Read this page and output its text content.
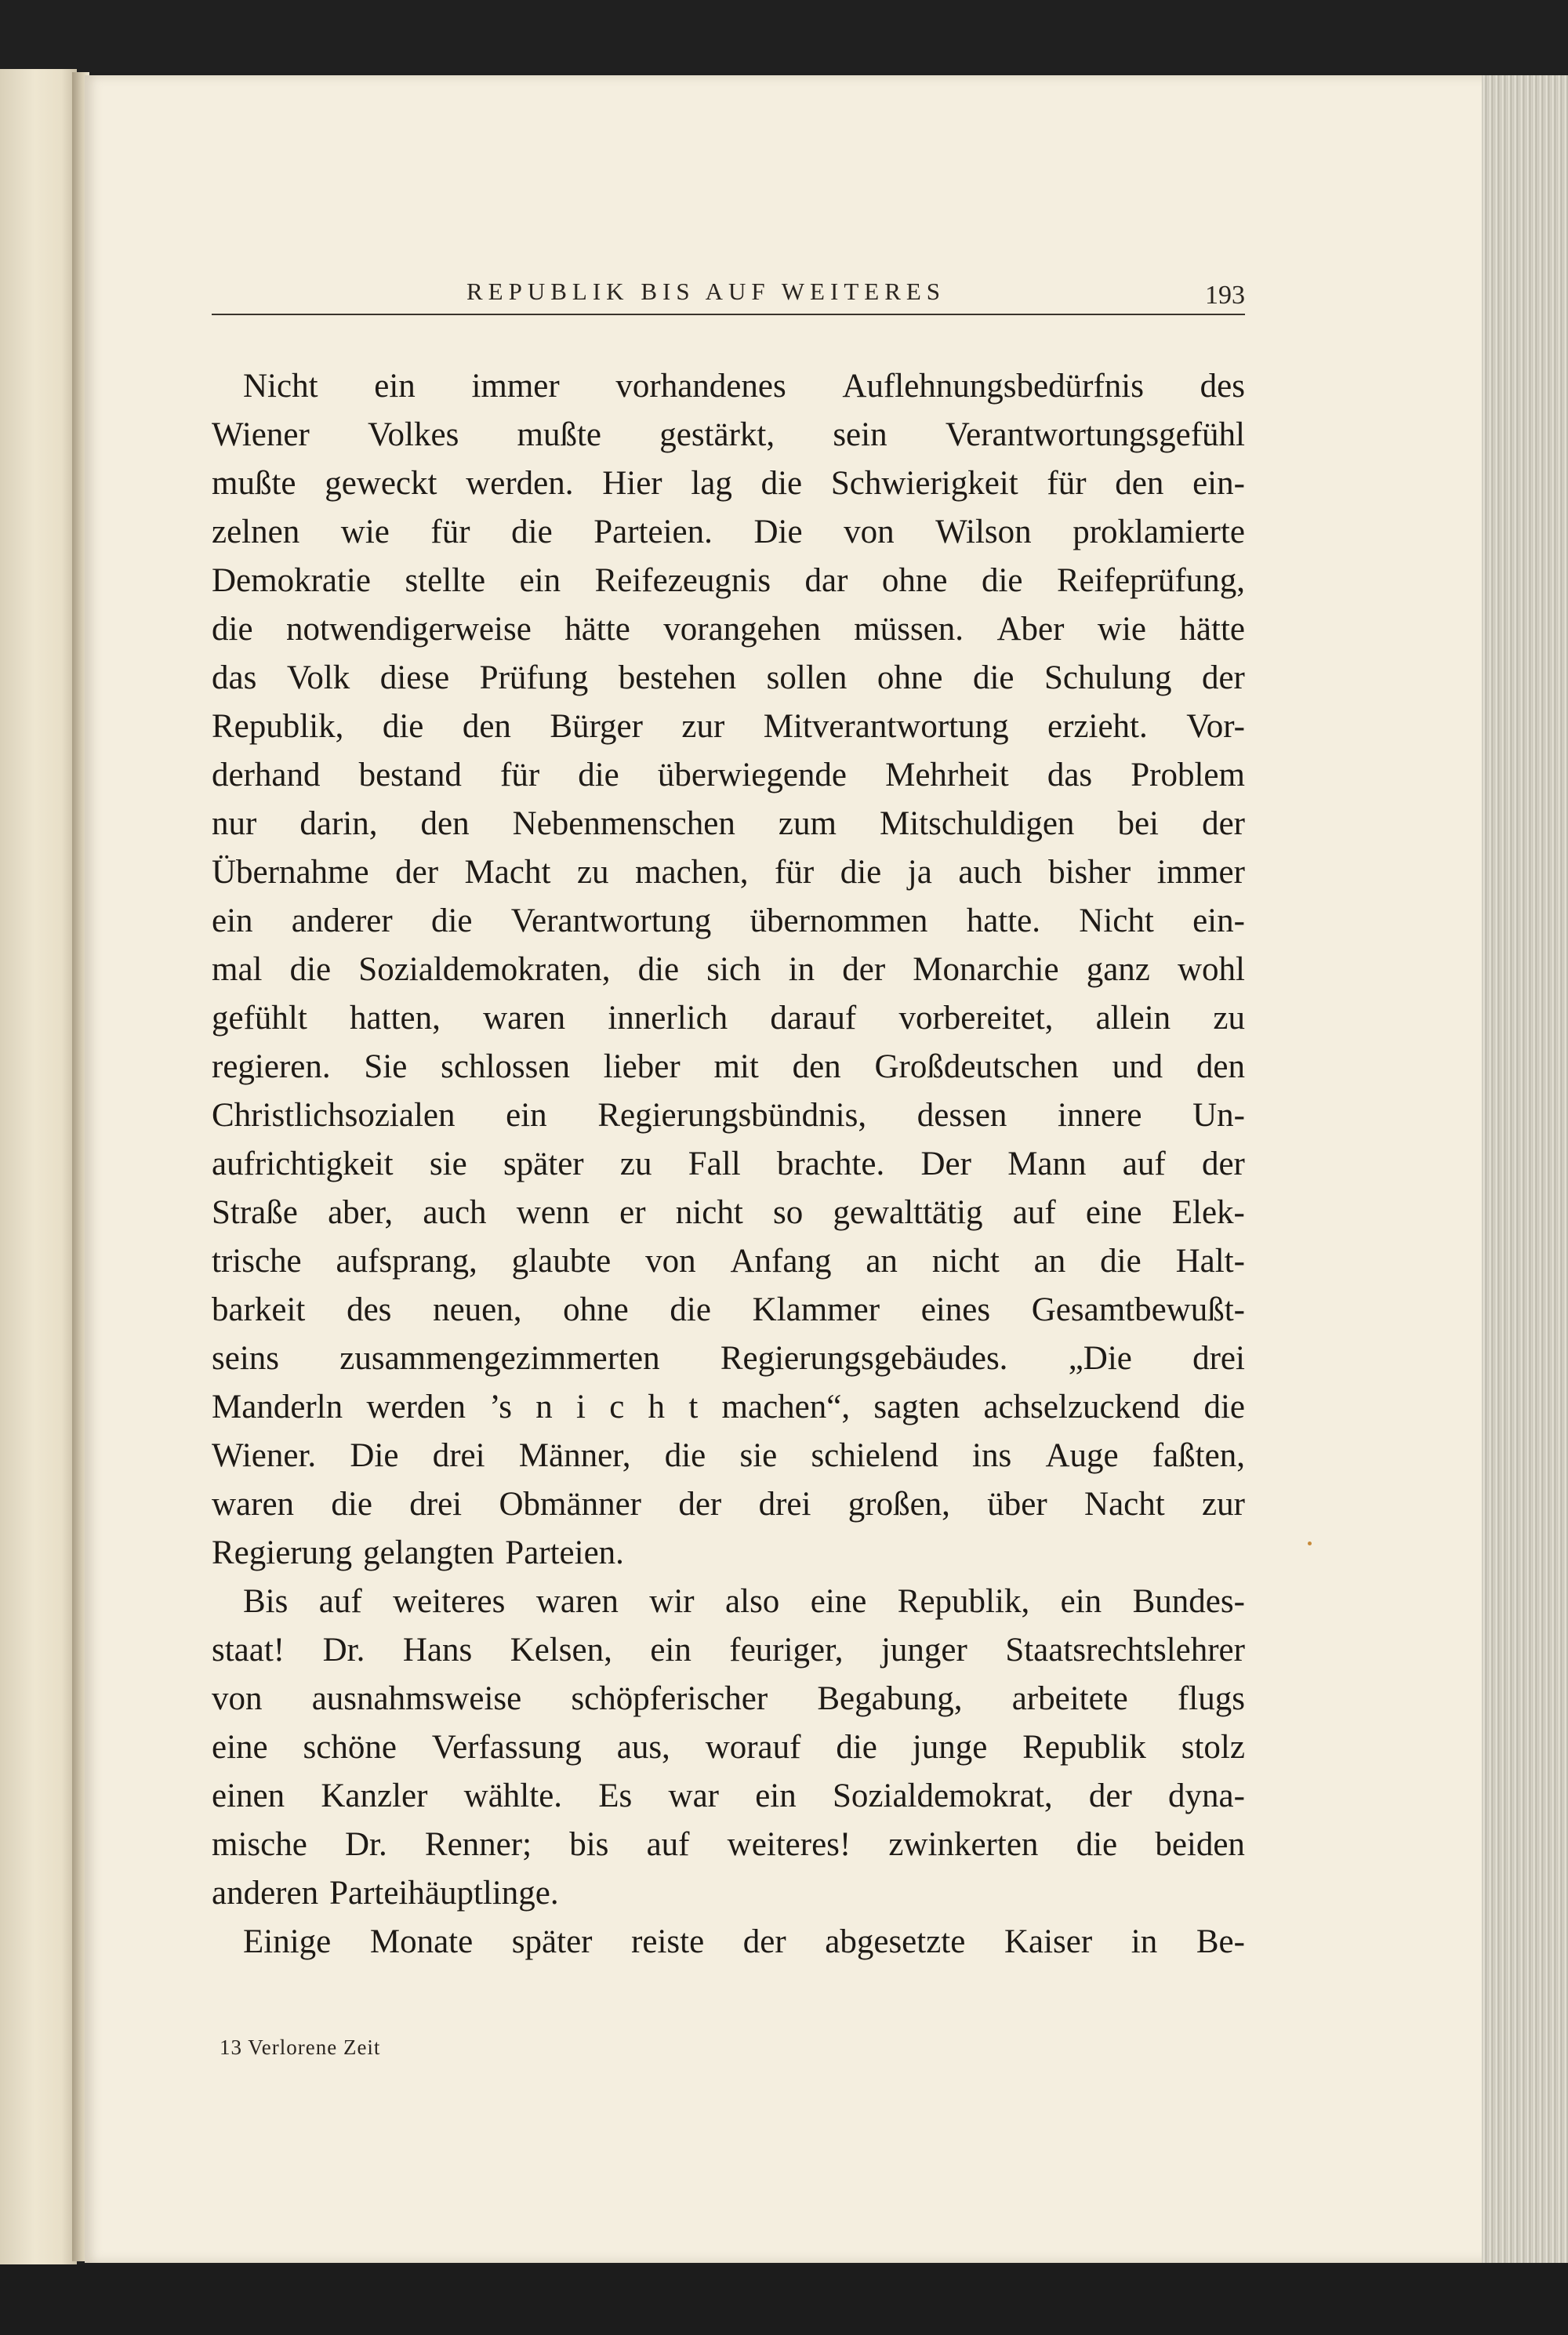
REPUBLIK BIS AUF WEITERES	193
Nicht ein immer vorhandenes Auflehnungsbedürfnis des
Wiener Volkes mußte gestärkt, sein Verantwortungsgefühl
mußte geweckt werden. Hier lag die Schwierigkeit für den ein-
zelnen wie für die Parteien. Die von Wilson proklamierte
Demokratie stellte ein Reifezeugnis dar ohne die Reifeprüfung,
die notwendigerweise hätte vorangehen müssen. Aber wie hätte
das Volk diese Prüfung bestehen sollen ohne die Schulung der
Republik, die den Bürger zur Mitverantwortung erzieht. Vor-
derhand bestand für die überwiegende Mehrheit das Problem
nur darin, den Nebenmenschen zum Mitschuldigen bei der
Übernahme der Macht zu machen, für die ja auch bisher immer
ein anderer die Verantwortung übernommen hatte. Nicht ein-
mal die Sozialdemokraten, die sich in der Monarchie ganz wohl
gefühlt hatten, waren innerlich darauf vorbereitet, allein zu
regieren. Sie schlossen lieber mit den Großdeutschen und den
Christlichsozialen ein Regierungsbündnis, dessen innere Un-
aufrichtigkeit sie später zu Fall brachte. Der Mann auf der
Straße aber, auch wenn er nicht so gewalttätig auf eine Elek-
trische aufsprang, glaubte von Anfang an nicht an die Halt-
barkeit des neuen, ohne die Klammer eines Gesamtbewußt-
seins zusammengezimmerten Regierungsgebäudes. „Die drei
Manderln werden ’s n i c h t machen“, sagten achselzuckend die
Wiener. Die drei Männer, die sie schielend ins Auge faßten,
waren die drei Obmänner der drei großen, über Nacht zur
Regierung gelangten Parteien.
Bis auf weiteres waren wir also eine Republik, ein Bundes-
staat! Dr. Hans Kelsen, ein feuriger, junger Staatsrechtslehrer
von ausnahmsweise schöpferischer Begabung, arbeitete flugs
eine schöne Verfassung aus, worauf die junge Republik stolz
einen Kanzler wählte. Es war ein Sozialdemokrat, der dyna-
mische Dr. Renner; bis auf weiteres! zwinkerten die beiden
anderen Parteihäuptlinge.
Einige Monate später reiste der abgesetzte Kaiser in Be-
13 Verlorene Zeit
